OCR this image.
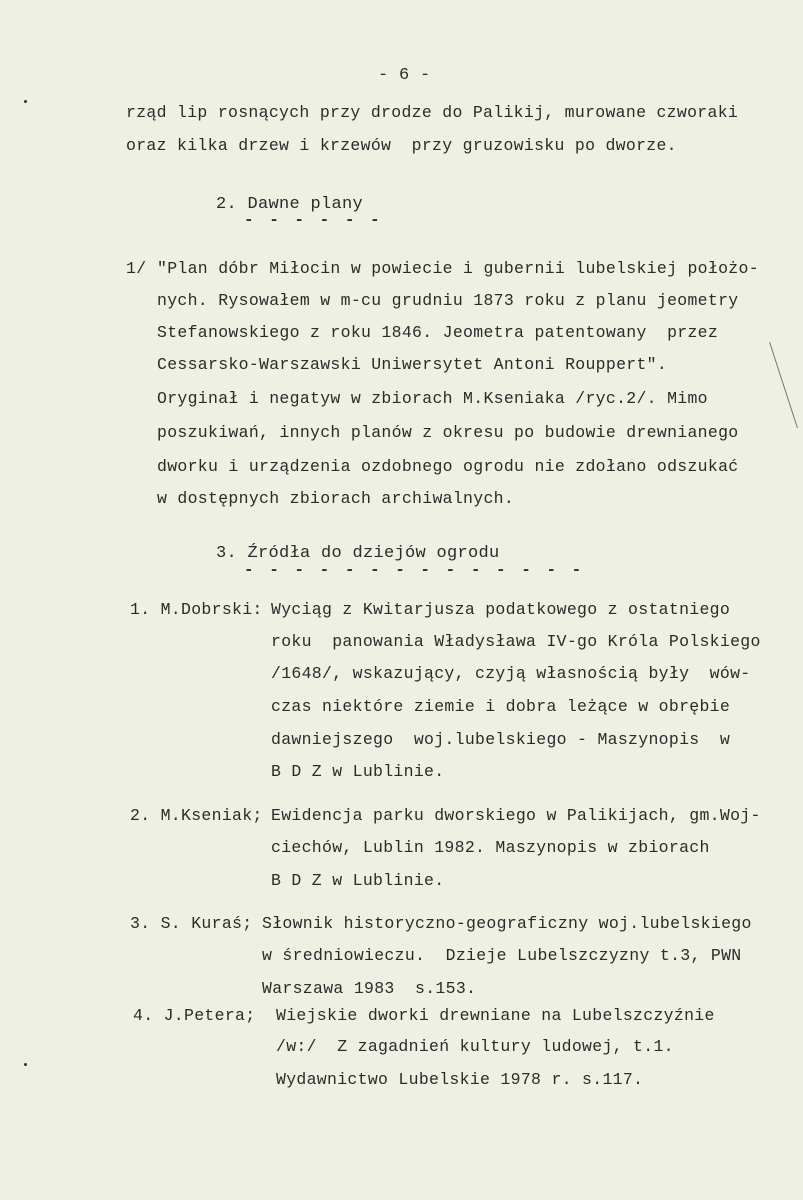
- 6 -
rząd lip rosnących przy drodze do Palikij, murowane czworaki
oraz kilka drzew i krzewów  przy gruzowisku po dworze.
2. Dawne plany
- - - - - -
1/ "Plan dóbr Miłocin w powiecie i gubernii lubelskiej położo-
nych. Rysowałem w m-cu grudniu 1873 roku z planu jeometry
Stefanowskiego z roku 1846. Jeometra patentowany  przez
Cessarsko-Warszawski Uniwersytet Antoni Rouppert".
Oryginał i negatyw w zbiorach M.Kseniaka /ryc.2/. Mimo
poszukiwań, innych planów z okresu po budowie drewnianego
dworku i urządzenia ozdobnego ogrodu nie zdołano odszukać
w dostępnych zbiorach archiwalnych.
3. Źródła do dziejów ogrodu
- - - - - - - - - - - - - -
1. M.Dobrski: Wyciąg z Kwitarjusza podatkowego z ostatniego
roku  panowania Władysława IV-go Króla Polskiego
/1648/, wskazujący, czyją własnością były  wów-
czas niektóre ziemie i dobra leżące w obrębie
dawniejszego  woj.lubelskiego - Maszynopis  w
B D Z w Lublinie.
2. M.Kseniak; Ewidencja parku dworskiego w Palikijach, gm.Woj-
ciechów, Lublin 1982. Maszynopis w zbiorach
B D Z w Lublinie.
3. S. Kuraś; Słownik historyczno-geograficzny woj.lubelskiego
w średniowieczu.  Dzieje Lubelszczyzny t.3, PWN
Warszawa 1983  s.153.
4. J.Petera; Wiejskie dworki drewniane na Lubelszczyźnie
/w:/  Z zagadnień kultury ludowej, t.1.
Wydawnictwo Lubelskie 1978 r. s.117.
